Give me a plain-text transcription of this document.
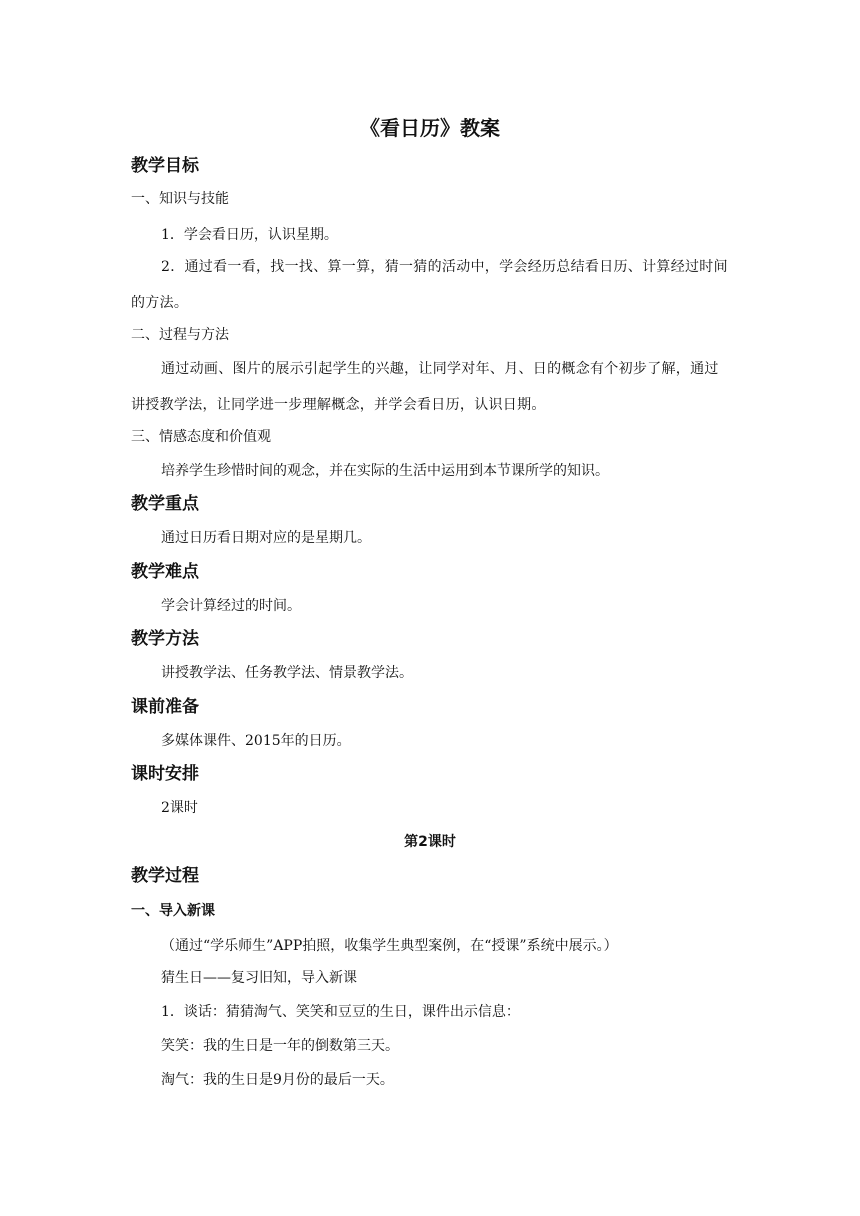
《看日历》教案
教学目标
一、知识与技能
1．学会看日历，认识星期。
2．通过看一看，找一找、算一算，猜一猜的活动中，学会经历总结看日历、计算经过时间的方法。
二、过程与方法
通过动画、图片的展示引起学生的兴趣，让同学对年、月、日的概念有个初步了解，通过讲授教学法，让同学进一步理解概念，并学会看日历，认识日期。
三、情感态度和价值观
培养学生珍惜时间的观念，并在实际的生活中运用到本节课所学的知识。
教学重点
通过日历看日期对应的是星期几。
教学难点
学会计算经过的时间。
教学方法
讲授教学法、任务教学法、情景教学法。
课前准备
多媒体课件、2015年的日历。
课时安排
2课时
第2课时
教学过程
一、导入新课
（通过“学乐师生”APP拍照，收集学生典型案例，在“授课”系统中展示。）
猜生日——复习旧知，导入新课
1．谈话：猜猜淘气、笑笑和豆豆的生日，课件出示信息：
笑笑：我的生日是一年的倒数第三天。
淘气：我的生日是9月份的最后一天。
